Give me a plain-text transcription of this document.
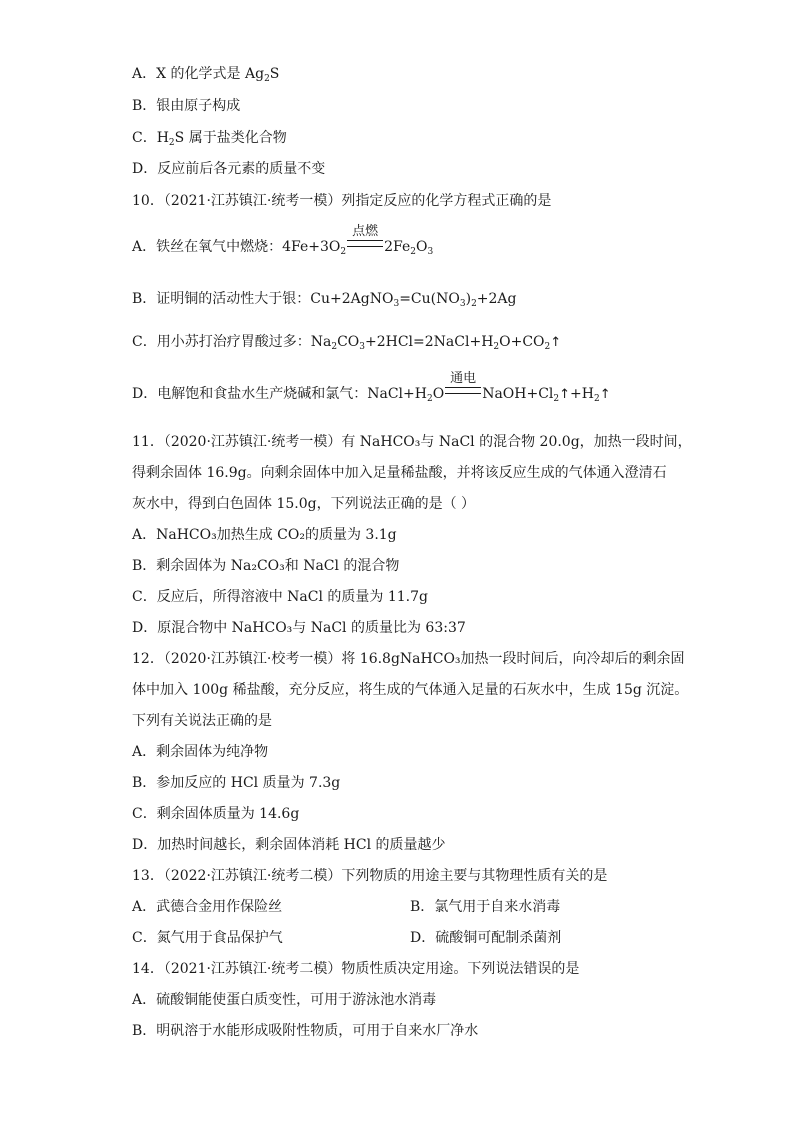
A．X 的化学式是 $Ag_2S$
B．银由原子构成
C．$H_2S$ 属于盐类化合物
D．反应前后各元素的质量不变
10．（2021·江苏镇江·统考一模）列指定反应的化学方程式正确的是
A．铁丝在氧气中燃烧：$4Fe+3O_2$
点燃
$2Fe_2O_3$
B．证明铜的活动性大于银：$Cu+2AgNO_3=Cu(NO_3)_2+2Ag$
C．用小苏打治疗胃酸过多：$Na_2CO_3+2HCl=2NaCl+H_2O+CO_2↑$
D．电解饱和食盐水生产烧碱和氯气：$NaCl+H_2O$
通电
$NaOH+Cl_2↑+H_2↑$
11．（2020·江苏镇江·统考一模）有 NaHCO₃与 NaCl 的混合物 20.0g，加热一段时间，
得剩余固体 16.9g。向剩余固体中加入足量稀盐酸，并将该反应生成的气体通入澄清石
灰水中，得到白色固体 15.0g，下列说法正确的是（ ）
A．NaHCO₃加热生成 CO₂的质量为 3.1g
B．剩余固体为 Na₂CO₃和 NaCl 的混合物
C．反应后，所得溶液中 NaCl 的质量为 11.7g
D．原混合物中 NaHCO₃与 NaCl 的质量比为 63:37
12．（2020·江苏镇江·校考一模）将 16.8gNaHCO₃加热一段时间后，向冷却后的剩余固
体中加入 100g 稀盐酸，充分反应，将生成的气体通入足量的石灰水中，生成 15g 沉淀。
下列有关说法正确的是
A．剩余固体为纯净物
B．参加反应的 HCl 质量为 7.3g
C．剩余固体质量为 14.6g
D．加热时间越长，剩余固体消耗 HCl 的质量越少
13．（2022·江苏镇江·统考二模）下列物质的用途主要与其物理性质有关的是
A．武德合金用作保险丝	B．氯气用于自来水消毒
C．氮气用于食品保护气	D．硫酸铜可配制杀菌剂
14．（2021·江苏镇江·统考二模）物质性质决定用途。下列说法错误的是
A．硫酸铜能使蛋白质变性，可用于游泳池水消毒
B．明矾溶于水能形成吸附性物质，可用于自来水厂净水
